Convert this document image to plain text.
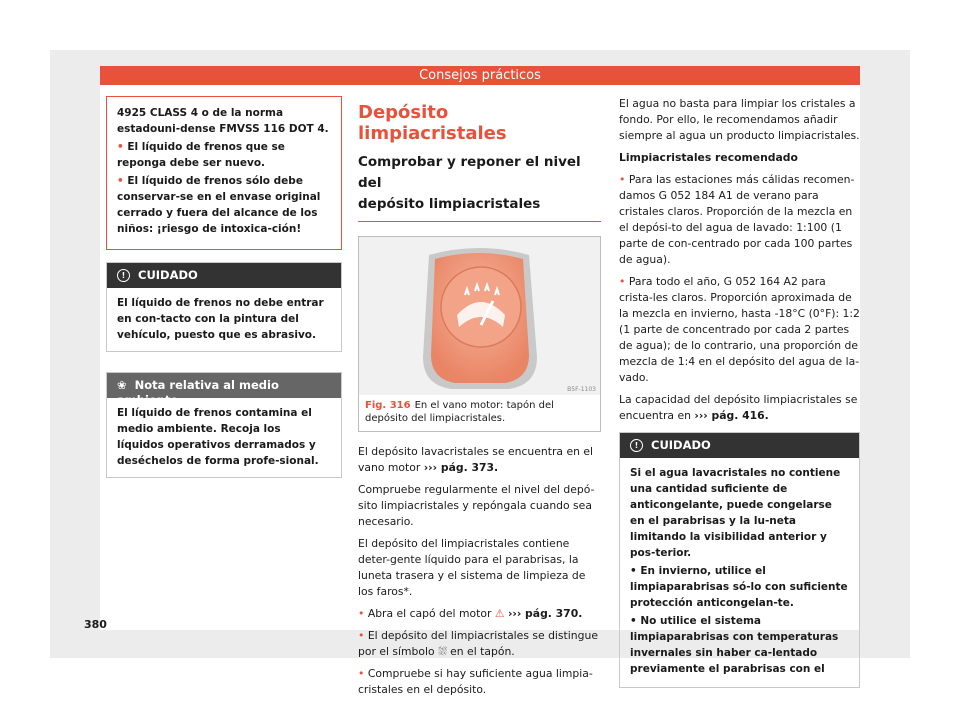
Consejos prácticos

4925 CLASS 4 o de la norma estadouni-dense FMVSS 116 DOT 4.

• El líquido de frenos que se reponga debe ser nuevo.

• El líquido de frenos sólo debe conservar-se en el envase original cerrado y fuera del alcance de los niños: ¡riesgo de intoxica-ción!

! CUIDADO
El líquido de frenos no debe entrar en con-tacto con la pintura del vehículo, puesto que es abrasivo.
❀ Nota relativa al medio ambiente
El líquido de frenos contamina el medio ambiente. Recoja los líquidos operativos derramados y deséchelos de forma profe-sional.
Depósito limpiacristales
Comprobar y reponer el nivel del
depósito limpiacristales
B5F-1103
Fig. 316 En el vano motor: tapón del depósito del limpiacristales.

El depósito lavacristales se encuentra en el vano motor ››› pág. 373.

Compruebe regularmente el nivel del depó-sito limpiacristales y repóngala cuando sea necesario.

El depósito del limpiacristales contiene deter-gente líquido para el parabrisas, la luneta trasera y el sistema de limpieza de los faros*.

• Abra el capó del motor ⚠ ››› pág. 370.

• El depósito del limpiacristales se distingue por el símbolo ⛆ en el tapón.

• Compruebe si hay suficiente agua limpia-cristales en el depósito.

El agua no basta para limpiar los cristales a fondo. Por ello, le recomendamos añadir siempre al agua un producto limpiacristales.

Limpiacristales recomendado

• Para las estaciones más cálidas recomen-damos G 052 184 A1 de verano para cristales claros. Proporción de la mezcla en el depósi-to del agua de lavado: 1:100 (1 parte de con-centrado por cada 100 partes de agua).

• Para todo el año, G 052 164 A2 para crista-les claros. Proporción aproximada de la mezcla en invierno, hasta -18°C (0°F): 1:2 (1 parte de concentrado por cada 2 partes de agua); de lo contrario, una proporción de mezcla de 1:4 en el depósito del agua de la-vado.

La capacidad del depósito limpiacristales se encuentra en ››› pág. 416.

! CUIDADO

Si el agua lavacristales no contiene una cantidad suficiente de anticongelante, puede congelarse en el parabrisas y la lu-neta limitando la visibilidad anterior y pos-terior.

• En invierno, utilice el limpiaparabrisas só-lo con suficiente protección anticongelan-te.

• No utilice el sistema limpiaparabrisas con temperaturas invernales sin haber ca-lentado previamente el parabrisas con el

380
